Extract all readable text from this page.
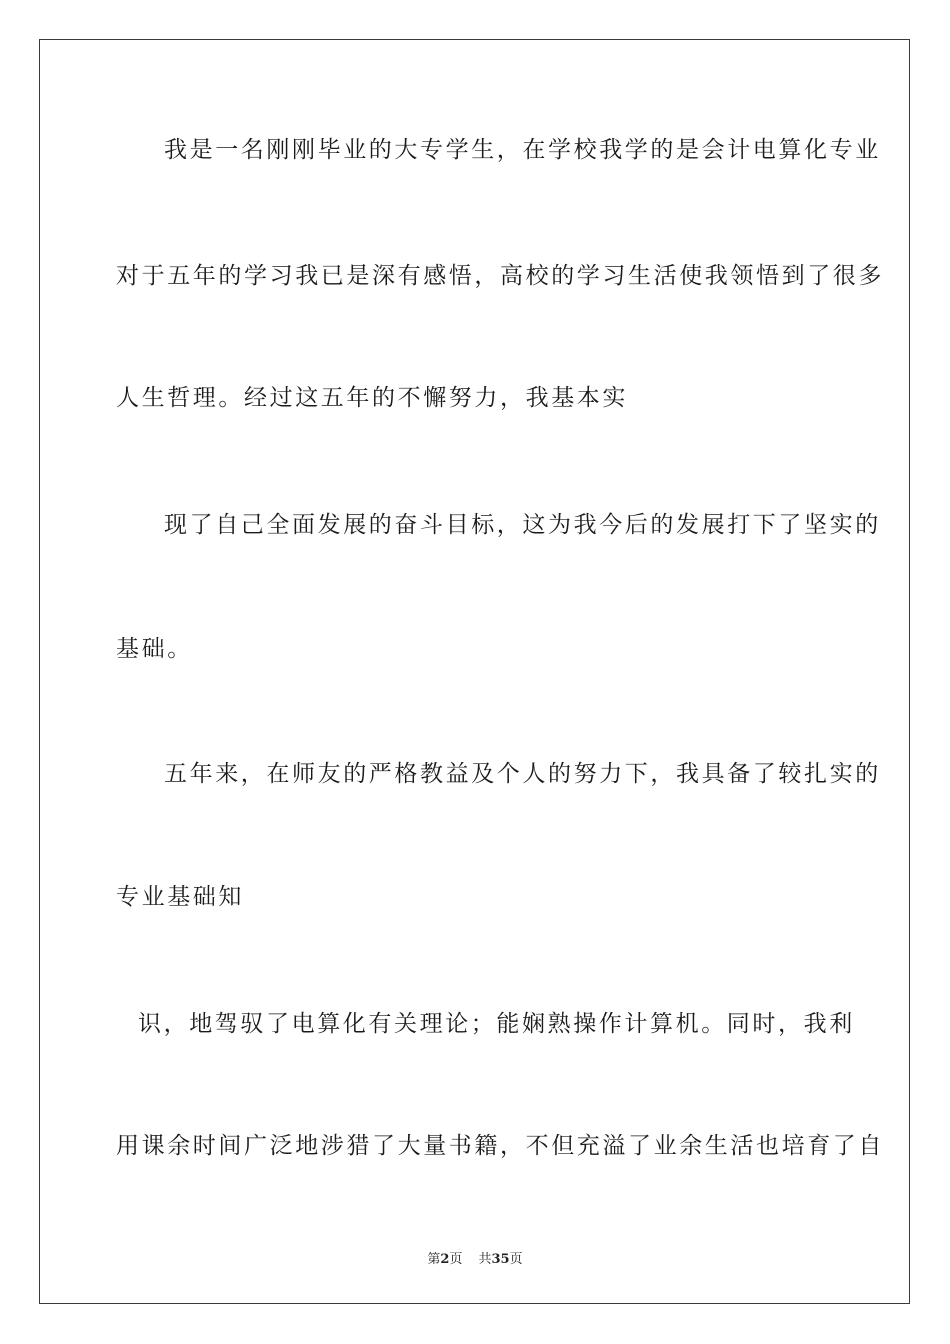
我是一名刚刚毕业的大专学生，在学校我学的是会计电算化专业
对于五年的学习我已是深有感悟，高校的学习生活使我领悟到了很多
人生哲理。经过这五年的不懈努力，我基本实
现了自己全面发展的奋斗目标，这为我今后的发展打下了坚实的
基础。
五年来，在师友的严格教益及个人的努力下，我具备了较扎实的
专业基础知
识，地驾驭了电算化有关理论；能娴熟操作计算机。同时，我利
用课余时间广泛地涉猎了大量书籍，不但充溢了业余生活也培育了自
第2页 共35页
